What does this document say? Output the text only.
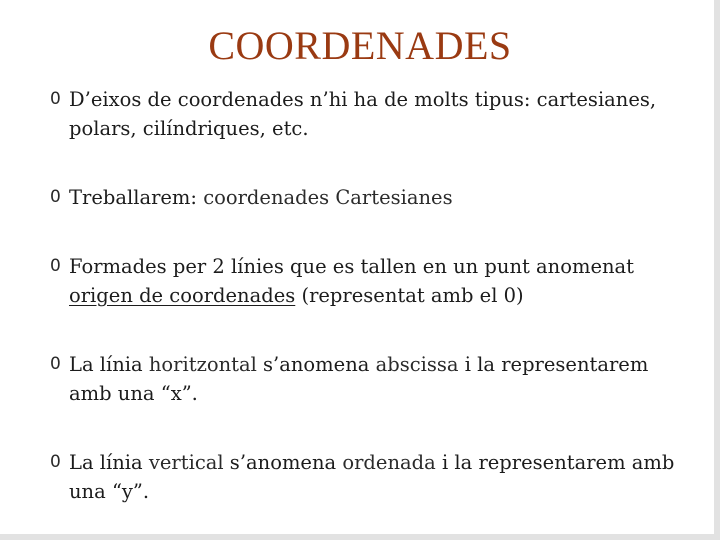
COORDENADES
0 D’eixos de coordenades n’hi ha de molts tipus: cartesianes, polars, cilíndriques, etc.
0 Treballarem: coordenades Cartesianes
0 Formades per 2 línies que es tallen en un punt anomenat origen de coordenades (representat amb el 0)
0 La línia horitzontal s’anomena abscissa i la representarem amb una “x”.
0 La línia vertical s’anomena ordenada i la representarem amb una “y”.
